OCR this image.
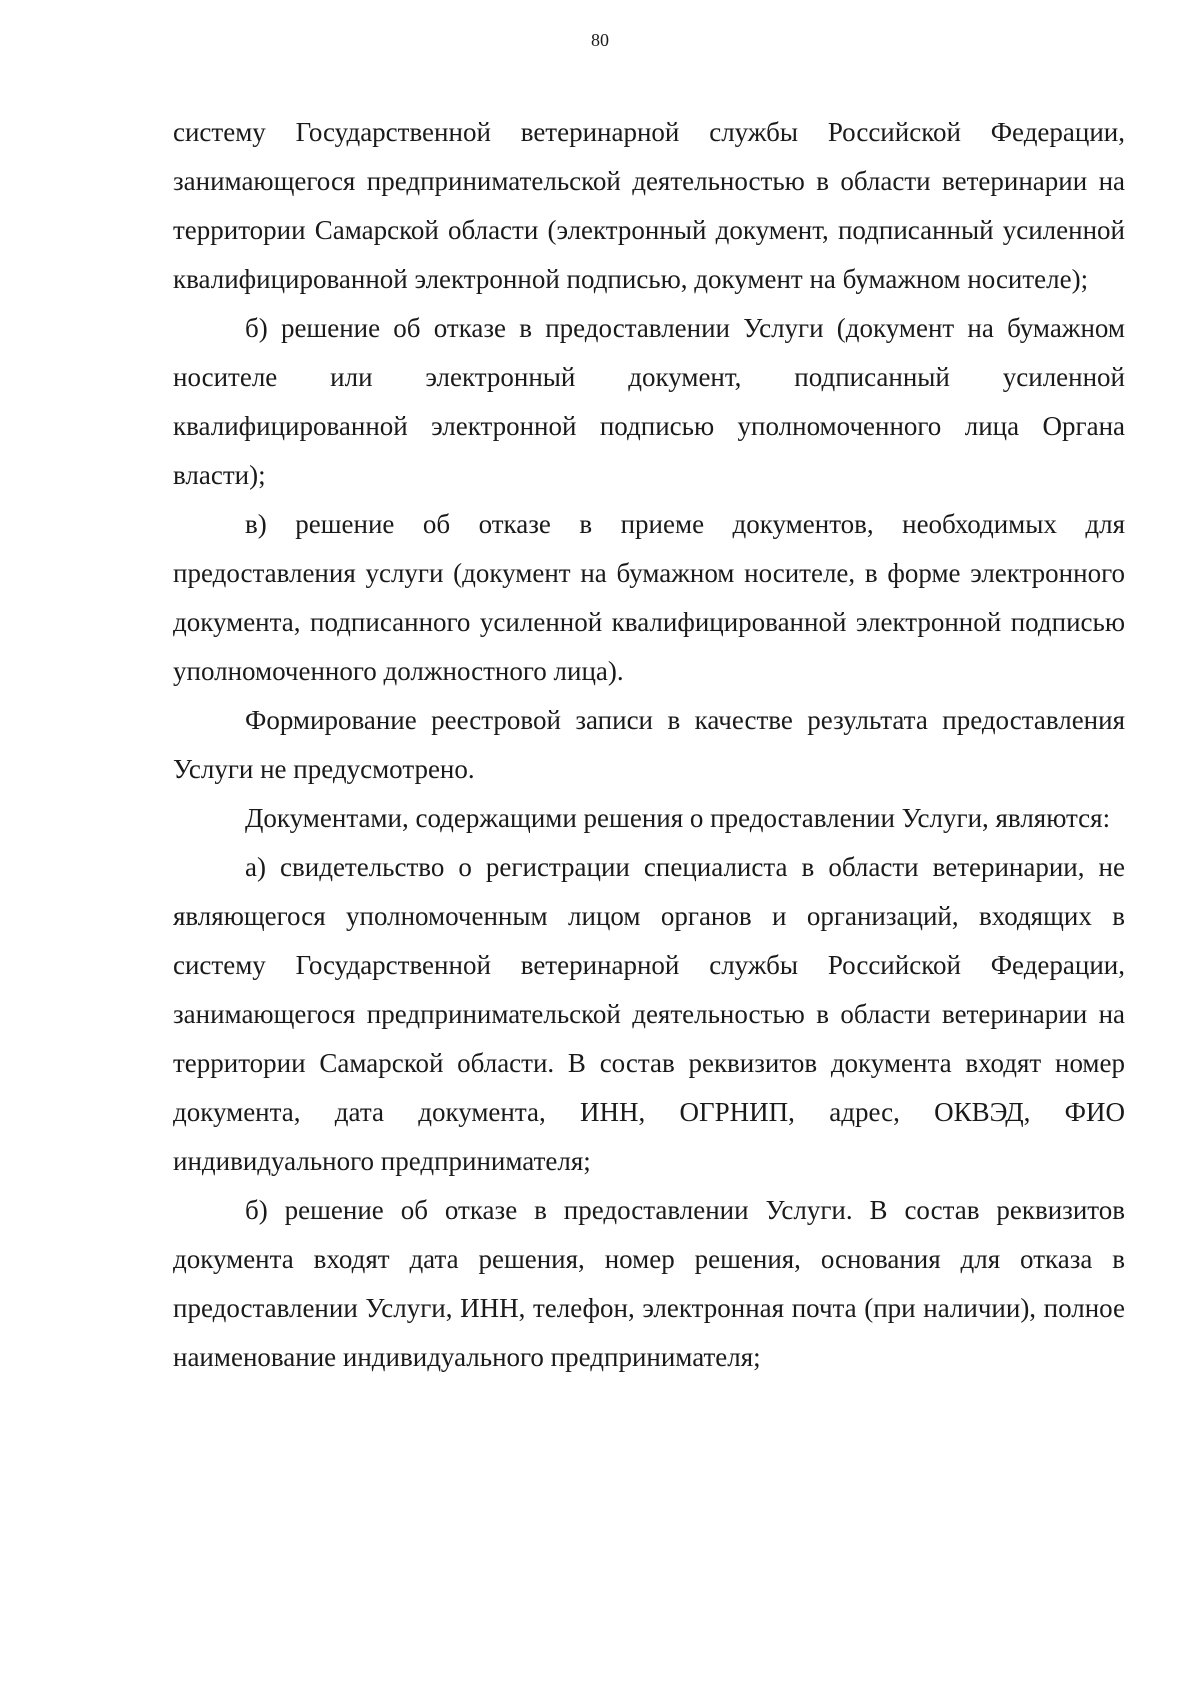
80

систему Государственной ветеринарной службы Российской Федерации, занимающегося предпринимательской деятельностью в области ветеринарии на территории Самарской области (электронный документ, подписанный усиленной квалифицированной электронной подписью, документ на бумажном носителе);

б) решение об отказе в предоставлении Услуги (документ на бумажном носителе или электронный документ, подписанный усиленной квалифицированной электронной подписью уполномоченного лица Органа власти);

в) решение об отказе в приеме документов, необходимых для предоставления услуги (документ на бумажном носителе, в форме электронного документа, подписанного усиленной квалифицированной электронной подписью уполномоченного должностного лица).

Формирование реестровой записи в качестве результата предоставления Услуги не предусмотрено.

Документами, содержащими решения о предоставлении Услуги, являются:

а) свидетельство о регистрации специалиста в области ветеринарии, не являющегося уполномоченным лицом органов и организаций, входящих в систему Государственной ветеринарной службы Российской Федерации, занимающегося предпринимательской деятельностью в области ветеринарии на территории Самарской области. В состав реквизитов документа входят номер документа, дата документа, ИНН, ОГРНИП, адрес, ОКВЭД, ФИО индивидуального предпринимателя;

б) решение об отказе в предоставлении Услуги. В состав реквизитов документа входят дата решения, номер решения, основания для отказа в предоставлении Услуги, ИНН, телефон, электронная почта (при наличии), полное наименование индивидуального предпринимателя;
